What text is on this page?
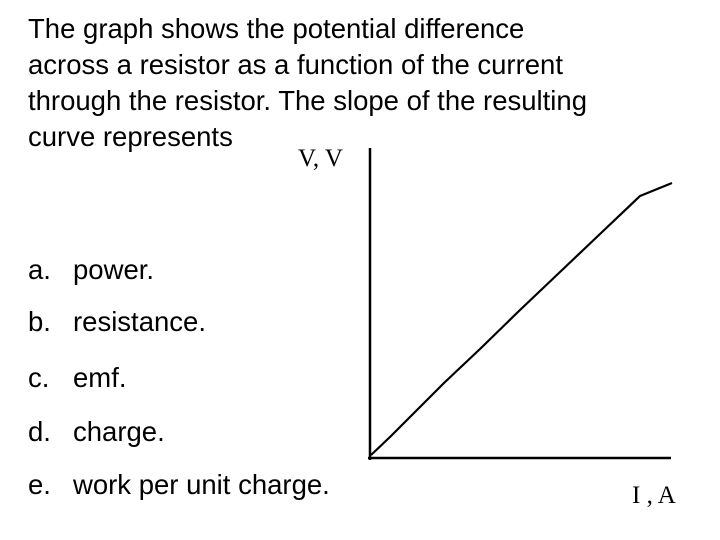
The graph shows the potential difference
across a resistor as a function of the current
through the resistor. The slope of the resulting
curve represents

a. power.
b. resistance.
c. emf.
d. charge.
e. work per unit charge.
V, V
I , A
